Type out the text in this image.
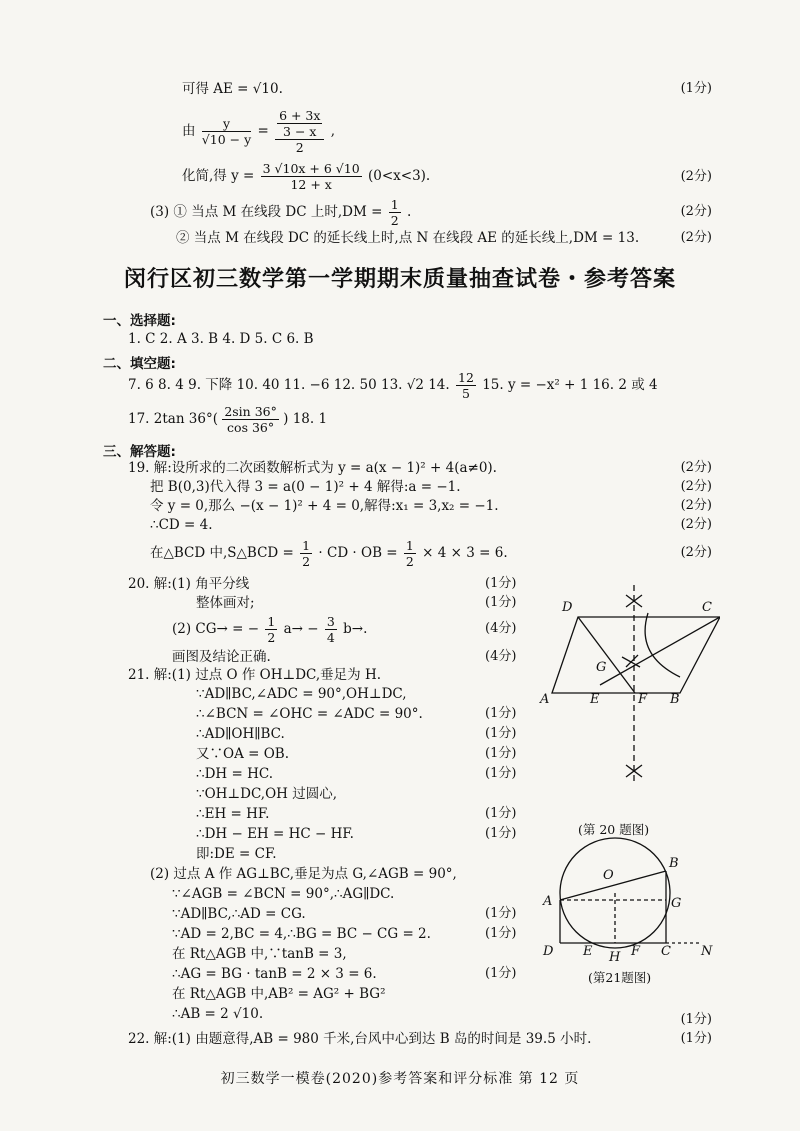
可得 AE = √10.	(1分)
由 $\frac{y}{√10 - y} = \frac{\frac{6 + 3x}{3 - x}}{2}$ ,
化简,得 $y = \frac{3 √10x + 6 √10}{12 + x} (0<x<3)$.	(2分)
(3) ① 当点 M 在线段 DC 上时$,DM = \frac{1}{2}$ .	(2分)
② 当点 M 在线段 DC 的延长线上时,点 N 在线段 AE 的延长线上,DM = 13.	(2分)
闵行区初三数学第一学期期末质量抽查试卷・参考答案
一、选择题:
1. C 2. A 3. B 4. D 5. C 6. B
二、填空题:
7. 6 8. 4 9. 下降 10. 40 11. −6 12. 50 13. √2 14. $\frac{12}{5} 15$. y = −x² + 1 16. 2 或 4
17. 2tan $36^\circ( \frac{2\sin 36^\circ}{\cos 36^\circ}$ ) 18. 1
三、解答题:
19. 解:设所求的二次函数解析式为 y = a(x − 1)² + 4(a≠0).	(2分)
把 B(0,3)代入得 3 = a(0 − 1)² + 4 解得:a = −1.	(2分)
令 y = 0,那么 −(x − 1)² + 4 = 0,解得:x₁ = 3,x₂ = −1.	(2分)
∴CD = 4.	(2分)
在△BCD 中,S△BCD = $\frac{1}{2}$ · CD · OB = $\frac{1}{2} \times 4 \times 3 = 6$.	(2分)
20. 解:(1) 角平分线	(1分)
整体画对;	(1分)
(2) CG→ = − $\frac{1}{2} a\to - \frac{3}{4} b\to$.	(4分)
画图及结论正确.	(4分)
D	C
A	E	F B
G
(第 20 题图)
21. 解:(1) 过点 O 作 OH⊥DC,垂足为 H.
∵AD∥BC,∠ADC = 90°,OH⊥DC,
∴∠BCN = ∠OHC = ∠ADC = 90°.	(1分)
∴AD∥OH∥BC.	(1分)
又∵OA = OB.	(1分)
∴DH = HC.	(1分)
∵OH⊥DC,OH 过圆心,
∴EH = HF.	(1分)
∴DH − EH = HC − HF.	(1分)
即:DE = CF.
(2) 过点 A 作 AG⊥BC,垂足为点 G,∠AGB = 90°,
∵∠AGB = ∠BCN = 90°,∴AG∥DC.
∵AD∥BC,∴AD = CG.	(1分)
∵AD = 2,BC = 4,∴BG = BC − CG = 2.	(1分)
在 Rt△AGB 中,∵tanB = 3,
∴AG = BG · tanB = 2 × 3 = 6.	(1分)
在 Rt△AGB 中,AB² = AG² + BG²
∴AB = 2 √10.	(1分)
O
B
A	G
D E H F C N
(第21题图)
22. 解:(1) 由题意得,AB = 980 千米,台风中心到达 B 岛的时间是 39.5 小时.	(1分)
初三数学一模卷(2020)参考答案和评分标准 第 12 页
